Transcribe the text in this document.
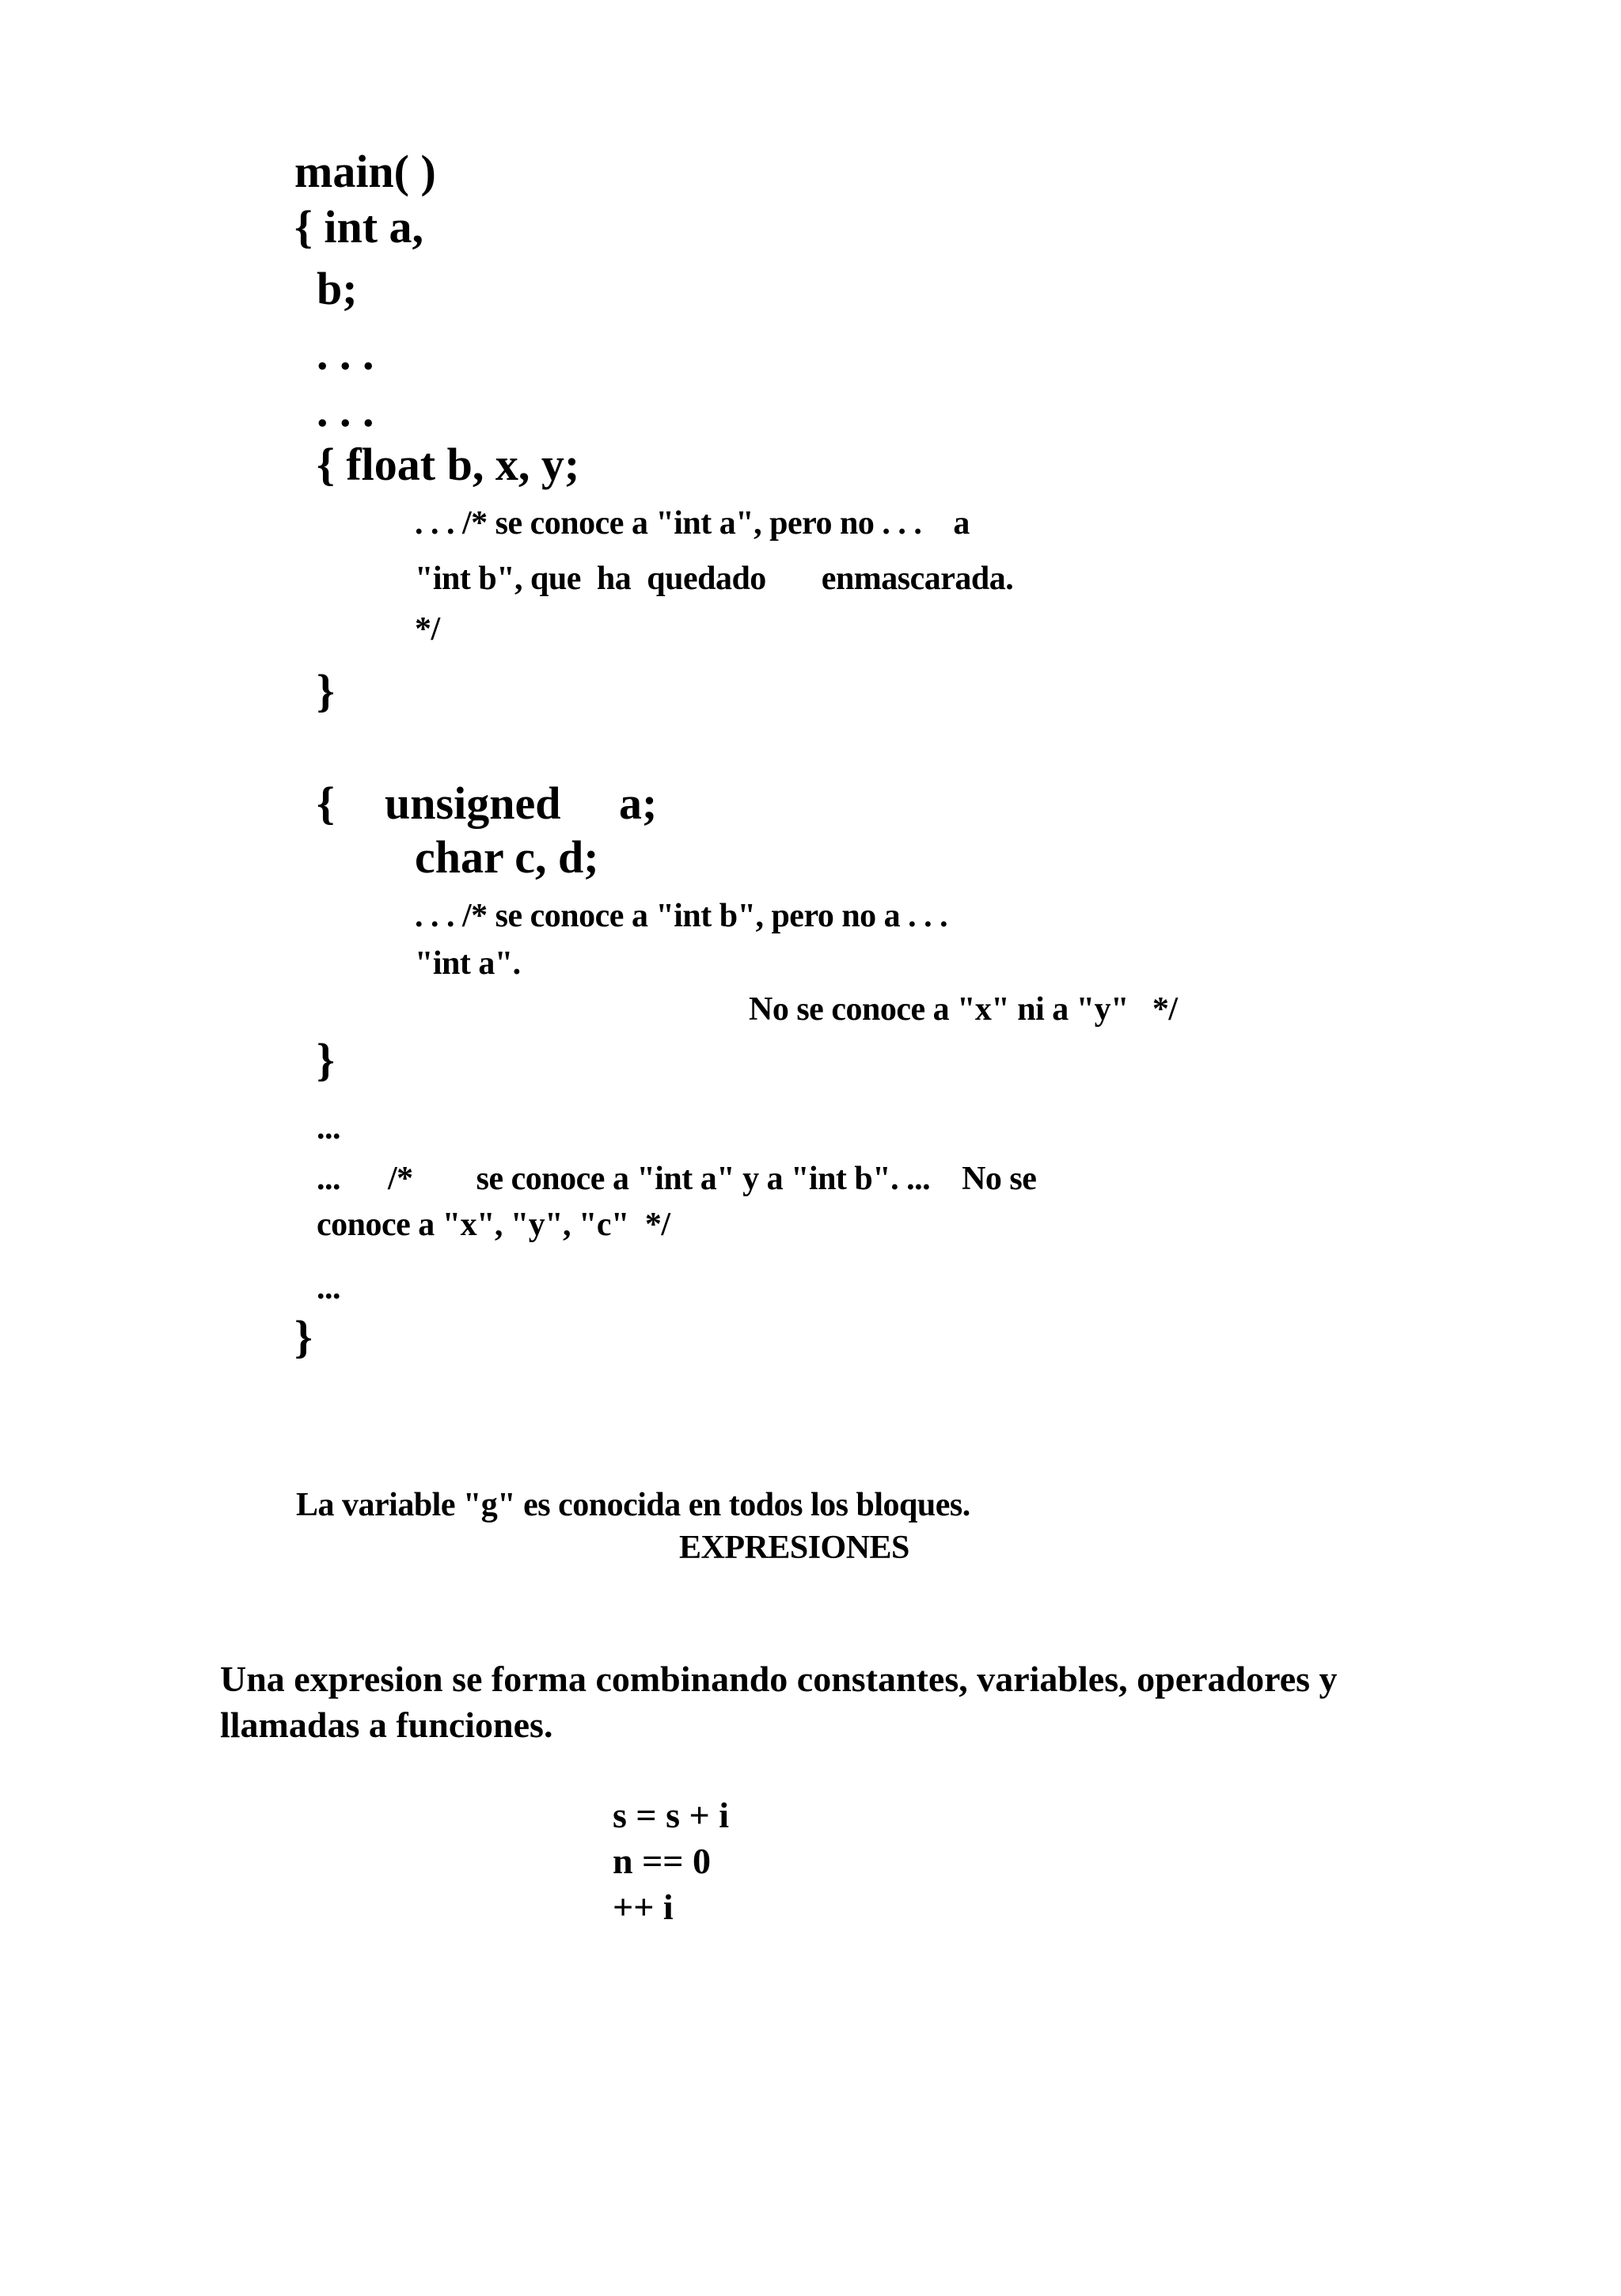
main( )
{ int a,
b;
. . .
. . .
{ float b, x, y;
. . . /* se conoce a "int a", pero no . . .    a
"int b", que  ha  quedado       enmascarada.
*/
}
{ unsigned a;
char c, d;
. . . /* se conoce a "int b", pero no a . . .
"int a".
No se conoce a "x" ni a "y"   */
}
...
...      /*        se conoce a "int a" y a "int b". ...    No se
conoce a "x", "y", "c"  */
...
}
La variable "g" es conocida en todos los bloques.
EXPRESIONES
Una expresion se forma combinando constantes, variables, operadores y
llamadas a funciones.
s = s + i
n == 0
++ i
